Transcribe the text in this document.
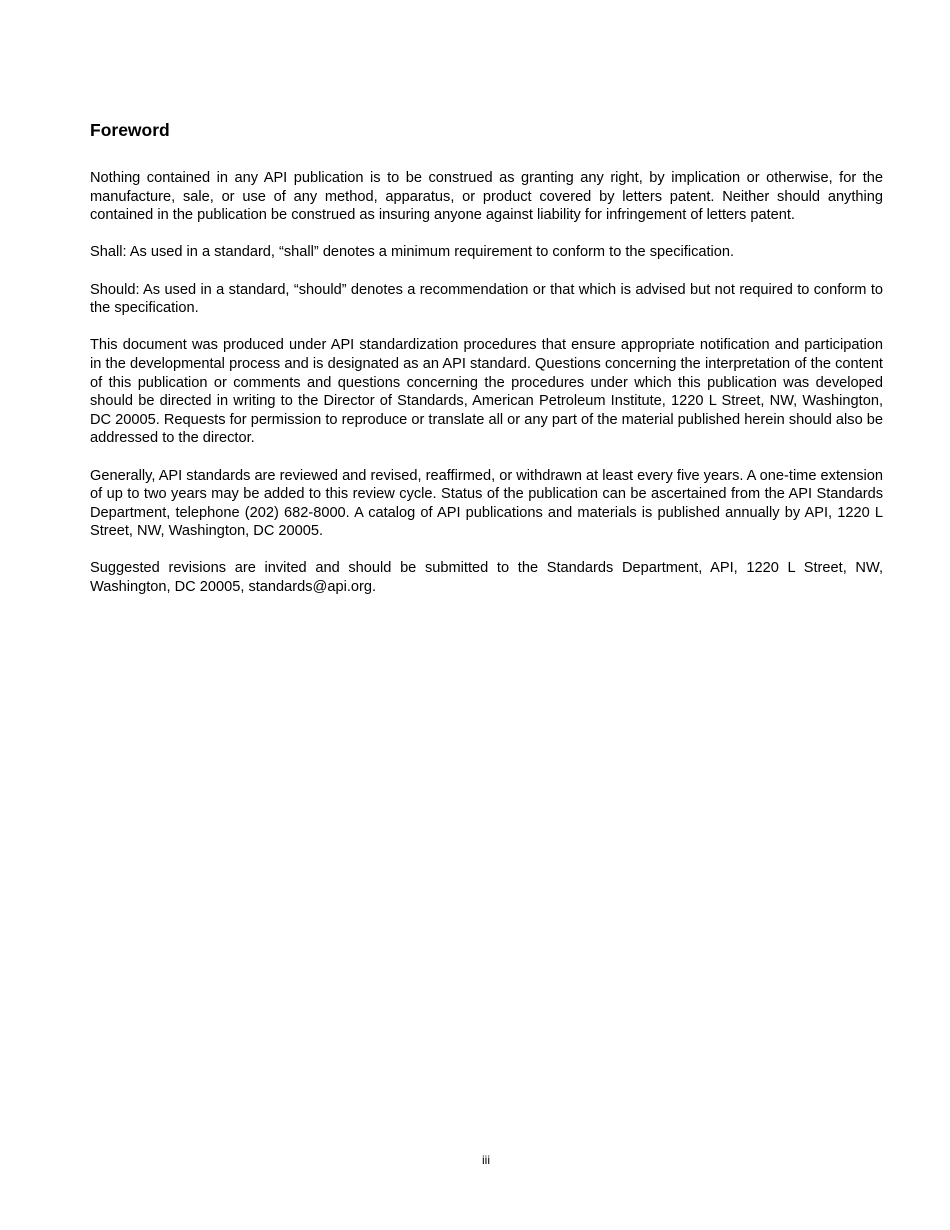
Foreword

Nothing contained in any API publication is to be construed as granting any right, by implication or otherwise, for the manufacture, sale, or use of any method, apparatus, or product covered by letters patent. Neither should anything contained in the publication be construed as insuring anyone against liability for infringement of letters patent.

Shall: As used in a standard, “shall” denotes a minimum requirement to conform to the specification.

Should: As used in a standard, “should” denotes a recommendation or that which is advised but not required to conform to the specification.

This document was produced under API standardization procedures that ensure appropriate notification and participation in the developmental process and is designated as an API standard. Questions concerning the interpretation of the content of this publication or comments and questions concerning the procedures under which this publication was developed should be directed in writing to the Director of Standards, American Petroleum Institute, 1220 L Street, NW, Washington, DC 20005. Requests for permission to reproduce or translate all or any part of the material published herein should also be addressed to the director.

Generally, API standards are reviewed and revised, reaffirmed, or withdrawn at least every five years. A one-time extension of up to two years may be added to this review cycle. Status of the publication can be ascertained from the API Standards Department, telephone (202) 682-8000. A catalog of API publications and materials is published annually by API, 1220 L Street, NW, Washington, DC 20005.

Suggested revisions are invited and should be submitted to the Standards Department, API, 1220 L Street, NW, Washington, DC 20005, standards@api.org.

iii
